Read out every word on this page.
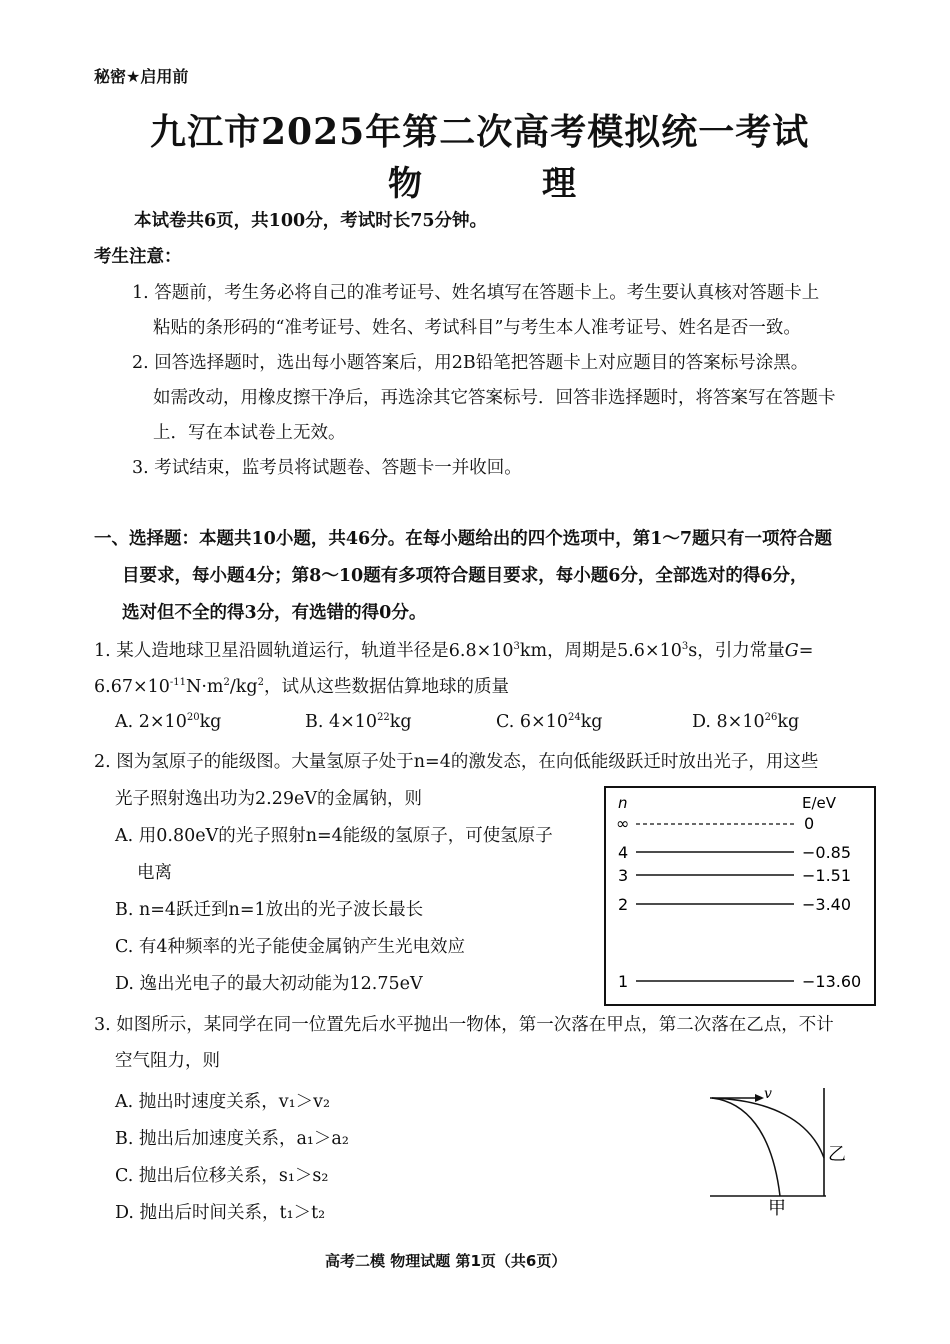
秘密★启用前
九江市2025年第二次高考模拟统一考试
物	理
本试卷共6页，共100分，考试时长75分钟。
考生注意：
1. 答题前，考生务必将自己的准考证号、姓名填写在答题卡上。考生要认真核对答题卡上
粘贴的条形码的“准考证号、姓名、考试科目”与考生本人准考证号、姓名是否一致。
2. 回答选择题时，选出每小题答案后，用2B铅笔把答题卡上对应题目的答案标号涂黑。
如需改动，用橡皮擦干净后，再选涂其它答案标号．回答非选择题时，将答案写在答题卡
上．写在本试卷上无效。
3. 考试结束，监考员将试题卷、答题卡一并收回。
一、选择题：本题共10小题，共46分。在每小题给出的四个选项中，第1～7题只有一项符合题
目要求，每小题4分；第8～10题有多项符合题目要求，每小题6分，全部选对的得6分，
选对但不全的得3分，有选错的得0分。
1. 某人造地球卫星沿圆轨道运行，轨道半径是$6.8\times 10^3km$，周期是$5.6\times 10^3s$，引力常量G=
$6.67\times 10^{-11}N\cdot m^2/kg^2$，试从这些数据估算地球的质量
A. $2\times 10^{20}kg$	B. $4\times 10^{22}kg$	C. $6\times 10^{24}kg$	D. $8\times 10^{26}kg$
2. 图为氢原子的能级图。大量氢原子处于n=4的激发态，在向低能级跃迁时放出光子，用这些
光子照射逸出功为2.29eV的金属钠，则
A. 用0.80eV的光子照射n=4能级的氢原子，可使氢原子
电离
B. n=4跃迁到n=1放出的光子波长最长
C. 有4种频率的光子能使金属钠产生光电效应
D. 逸出光电子的最大初动能为12.75eV
n	E/eV
∞	0
4	−0.85
3	−1.51
2	−3.40
1	−13.60
3. 如图所示，某同学在同一位置先后水平抛出一物体，第一次落在甲点，第二次落在乙点，不计
空气阻力，则
A. 抛出时速度关系，v₁＞v₂
B. 抛出后加速度关系，a₁＞a₂
C. 抛出后位移关系，s₁＞s₂
D. 抛出后时间关系，t₁＞t₂
v
乙
甲
高考二模 物理试题 第1页（共6页）
